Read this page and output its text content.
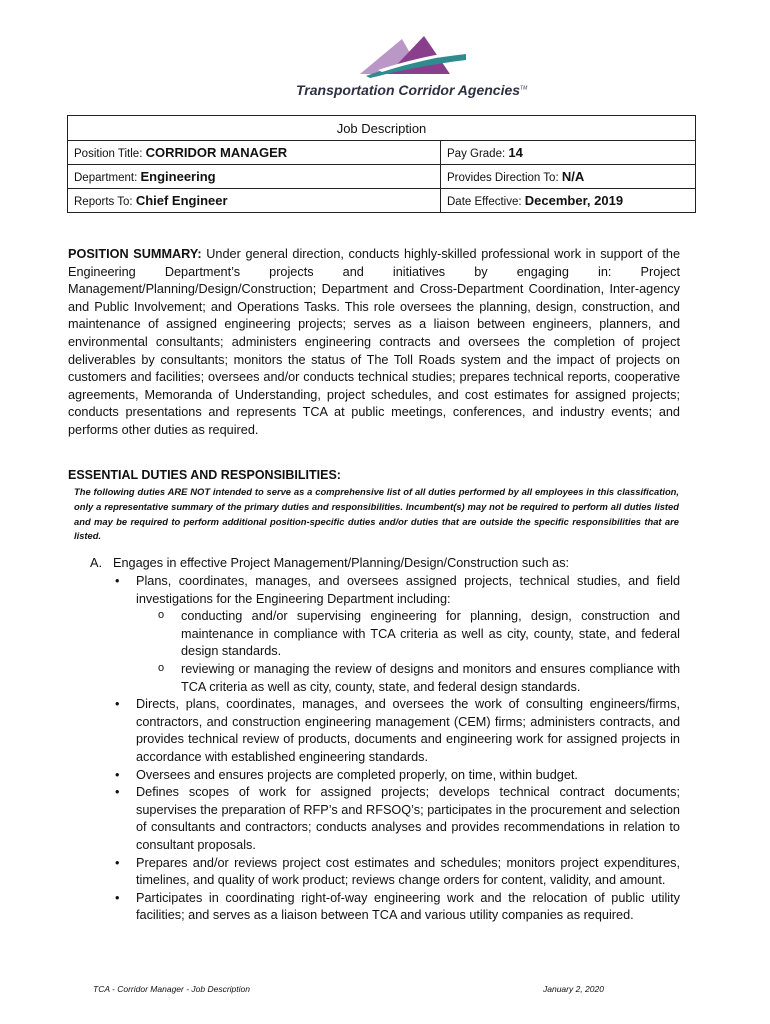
Transportation Corridor Agencies™
Job Description	
Position Title: CORRIDOR MANAGER	Pay Grade: 14
Department: Engineering	Provides Direction To: N/A
Reports To: Chief Engineer	Date Effective: December, 2019

POSITION SUMMARY: Under general direction, conducts highly-skilled professional work in support of the Engineering Department’s projects and initiatives by engaging in: Project Management/Planning/Design/Construction; Department and Cross-Department Coordination, Inter-agency and Public Involvement; and Operations Tasks. This role oversees the planning, design, construction, and maintenance of assigned engineering projects; serves as a liaison between engineers, planners, and environmental consultants; administers engineering contracts and oversees the completion of project deliverables by consultants; monitors the status of The Toll Roads system and the impact of projects on customers and facilities; oversees and/or conducts technical studies; prepares technical reports, cooperative agreements, Memoranda of Understanding, project schedules, and cost estimates for assigned projects; conducts presentations and represents TCA at public meetings, conferences, and industry events; and performs other duties as required.

ESSENTIAL DUTIES AND RESPONSIBILITIES:

The following duties ARE NOT intended to serve as a comprehensive list of all duties performed by all employees in this classification, only a representative summary of the primary duties and responsibilities. Incumbent(s) may not be required to perform all duties listed and may be required to perform additional position-specific duties and/or duties that are outside the specific responsibilities that are listed.

A. Engages in effective Project Management/Planning/Design/Construction such as:

• Plans, coordinates, manages, and oversees assigned projects, technical studies, and field investigations for the Engineering Department including:
o conducting and/or supervising engineering for planning, design, construction and maintenance in compliance with TCA criteria as well as city, county, state, and federal design standards.
o reviewing or managing the review of designs and monitors and ensures compliance with TCA criteria as well as city, county, state, and federal design standards.
• Directs, plans, coordinates, manages, and oversees the work of consulting engineers/firms, contractors, and construction engineering management (CEM) firms; administers contracts, and provides technical review of products, documents and engineering work for assigned projects in accordance with established engineering standards.
• Oversees and ensures projects are completed properly, on time, within budget.
• Defines scopes of work for assigned projects; develops technical contract documents; supervises the preparation of RFP’s and RFSOQ’s; participates in the procurement and selection of consultants and contractors; conducts analyses and provides recommendations in relation to consultant proposals.
• Prepares and/or reviews project cost estimates and schedules; monitors project expenditures, timelines, and quality of work product; reviews change orders for content, validity, and amount.
• Participates in coordinating right-of-way engineering work and the relocation of public utility facilities; and serves as a liaison between TCA and various utility companies as required.
TCA - Corridor Manager - Job Description	January 2, 2020
